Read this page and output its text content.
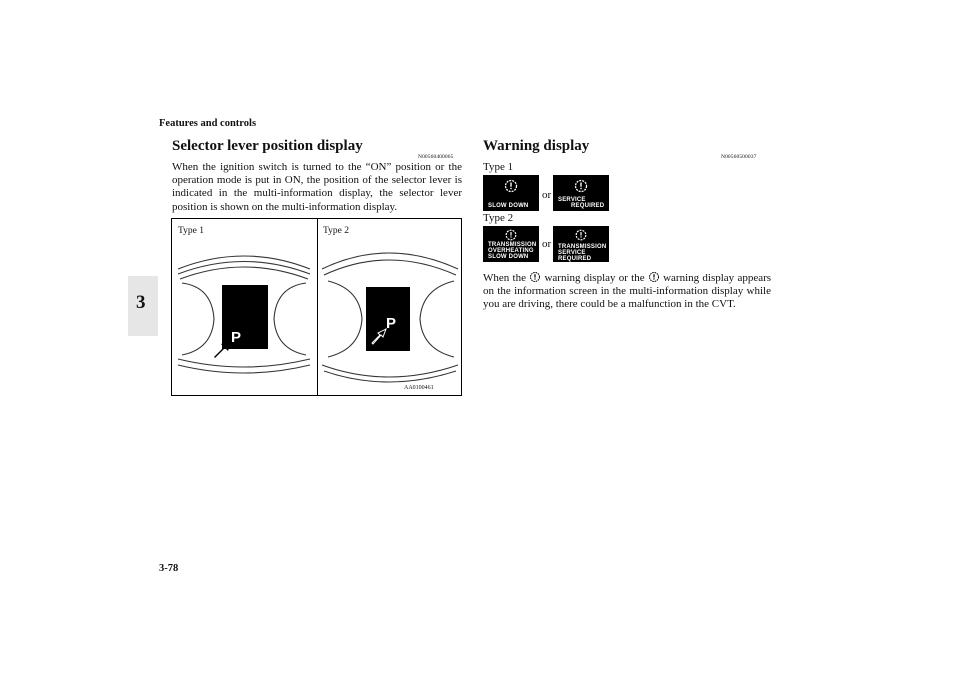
Features and controls
3
Selector lever position display
N00560400065
When the ignition switch is turned to the “ON” position or the operation mode is put in ON, the position of the selector lever is indicated in the multi-information display, the selector lever position is shown on the multi-information display.
Type 1	Type 2
P
P
AA0100461
Warning display
N00560500037
Type 1
SLOW DOWN
or SERVICE
REQUIRED
Type 2
TRANSMISSION
OVERHEATING
SLOW DOWN
or TRANSMISSION
SERVICE REQUIRED
When the warning display or the warning display appears on the information screen in the multi-information display while you are driving, there could be a malfunction in the CVT.
3-78
